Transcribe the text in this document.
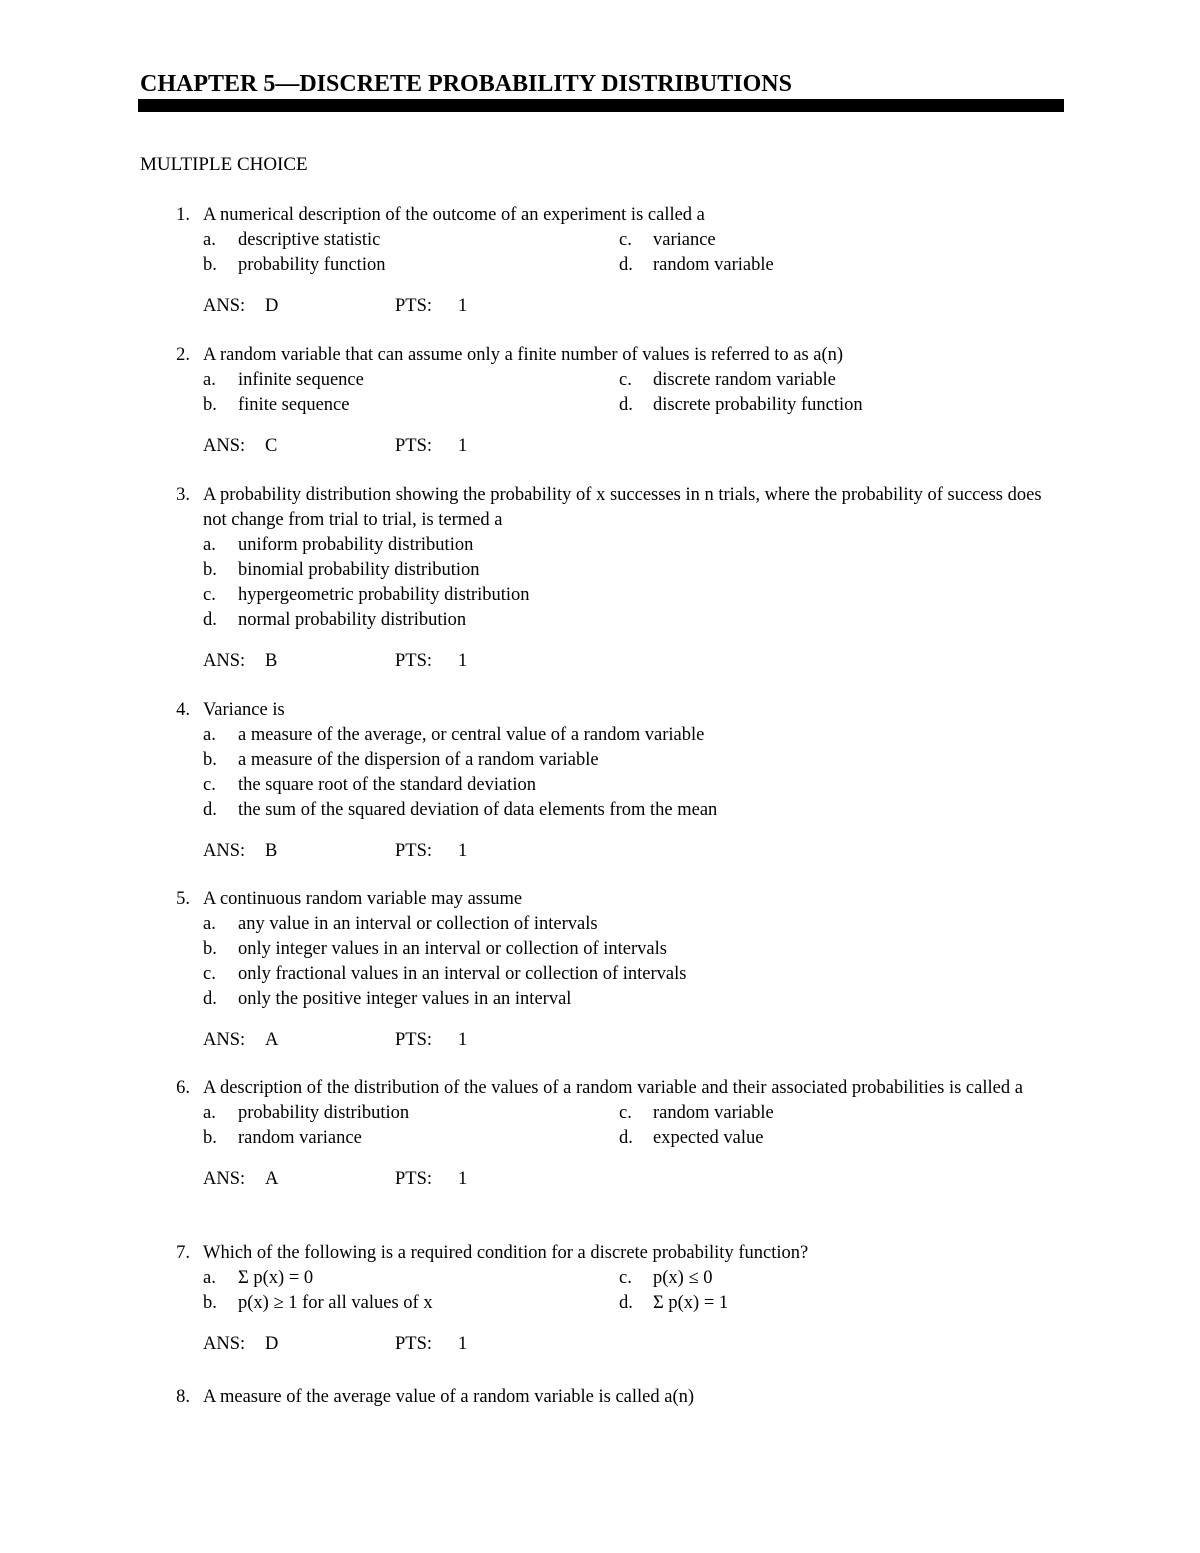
CHAPTER 5—DISCRETE PROBABILITY DISTRIBUTIONS
MULTIPLE CHOICE
1. A numerical description of the outcome of an experiment is called a
a.	descriptive statistic
b.	probability function
c.	variance
d.	random variable
ANS: D	PTS: 1
2. A random variable that can assume only a finite number of values is referred to as a(n)
a.	infinite sequence
b.	finite sequence
c.	discrete random variable
d.	discrete probability function
ANS: C	PTS: 1
3. A probability distribution showing the probability of x successes in n trials, where the probability of success does not change from trial to trial, is termed a
a.	uniform probability distribution
b.	binomial probability distribution
c.	hypergeometric probability distribution
d.	normal probability distribution
ANS: B	PTS: 1
4. Variance is
a.	a measure of the average, or central value of a random variable
b.	a measure of the dispersion of a random variable
c.	the square root of the standard deviation
d.	the sum of the squared deviation of data elements from the mean
ANS: B	PTS: 1
5. A continuous random variable may assume
a.	any value in an interval or collection of intervals
b.	only integer values in an interval or collection of intervals
c.	only fractional values in an interval or collection of intervals
d.	only the positive integer values in an interval
ANS: A	PTS: 1
6. A description of the distribution of the values of a random variable and their associated probabilities is called a
a.	probability distribution
b.	random variance
c.	random variable
d.	expected value
ANS: A	PTS: 1
7. Which of the following is a required condition for a discrete probability function?
a.	Σ p(x) = 0
b.	p(x) ≥ 1 for all values of x
c.	p(x) ≤ 0
d.	Σ p(x) = 1
ANS: D	PTS: 1
8. A measure of the average value of a random variable is called a(n)
